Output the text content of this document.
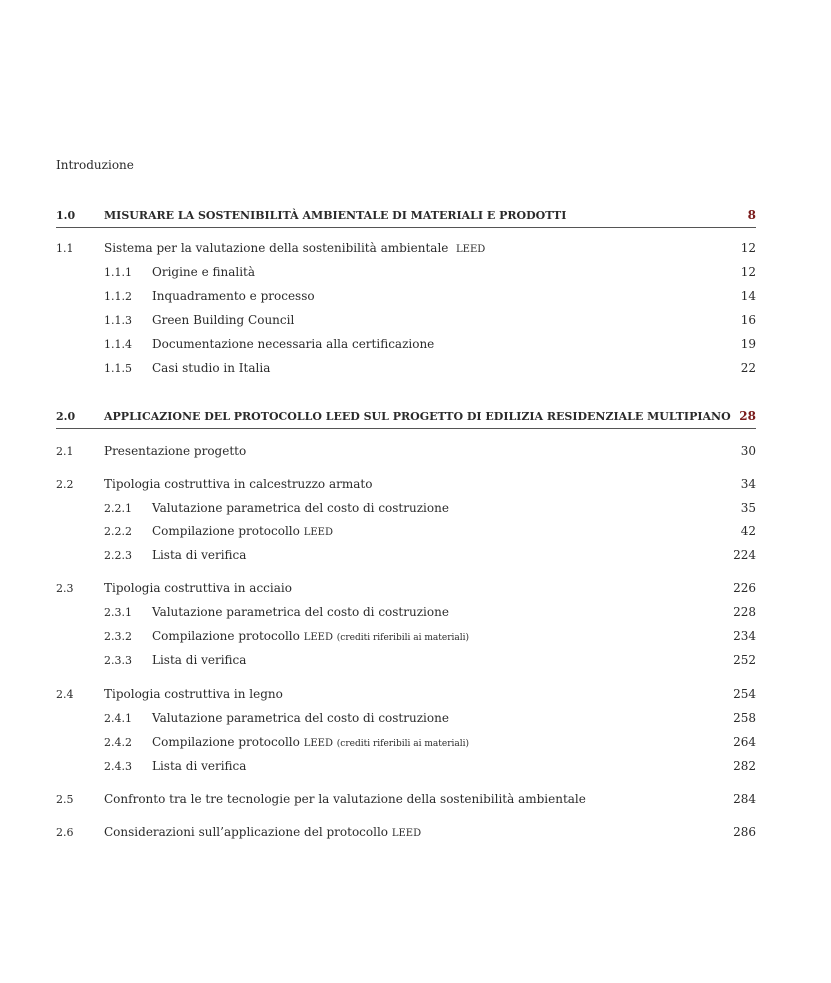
Introduzione
1.0	MISURARE LA SOSTENIBILITÀ AMBIENTALE DI MATERIALI E PRODOTTI	8
1.1	Sistema per la valutazione della sostenibilità ambientale LEED	12
1.1.1 Origine e finalità	12
1.1.2 Inquadramento e processo	14
1.1.3 Green Building Council	16
1.1.4 Documentazione necessaria alla certificazione	19
1.1.5 Casi studio in Italia	22
2.0	APPLICAZIONE DEL PROTOCOLLO LEED SUL PROGETTO DI EDILIZIA RESIDENZIALE MULTIPIANO 28
2.1	Presentazione progetto	30
2.2	Tipologia costruttiva in calcestruzzo armato	34
2.2.1 Valutazione parametrica del costo di costruzione	35
2.2.2 Compilazione protocollo LEED	42
2.2.3 Lista di verifica	224
2.3	Tipologia costruttiva in acciaio	226
2.3.1 Valutazione parametrica del costo di costruzione	228
2.3.2 Compilazione protocollo LEED (crediti riferibili ai materiali)	234
2.3.3 Lista di verifica	252
2.4	Tipologia costruttiva in legno	254
2.4.1 Valutazione parametrica del costo di costruzione	258
2.4.2 Compilazione protocollo LEED (crediti riferibili ai materiali)	264
2.4.3 Lista di verifica	282
2.5	Confronto tra le tre tecnologie per la valutazione della sostenibilità ambientale	284
2.6	Considerazioni sull’applicazione del protocollo LEED	286
